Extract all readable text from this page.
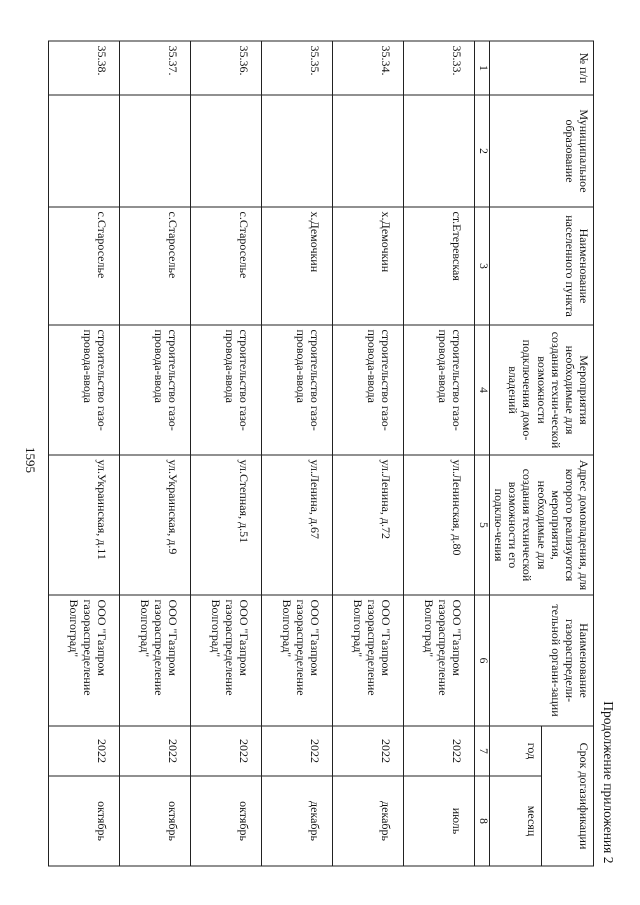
1595
Продолжение приложения 2
№ п/п	Муниципальное образование	Наименование населенного пункта	Мероприятия необходимые для создания техни-ческой возможности подключения домо-владений	Адрес домовладения, для которого реализуются мероприятия, необходимые для создания технической возможности его подклю-чения	Наименование газораспредели-тельной органи-зации	Срок догазификации	
						год	месяц
1	2	3	4	5	6	7	8
35.33.		ст.Етеревская	строительство газо-провода-ввода	ул.Ленинская, д.80	ООО "Газпром газораспределение Волгоград"	2022	июль
35.34.		х.Демочкин	строительство газо-провода-ввода	ул.Ленина, д.72	ООО "Газпром газораспределение Волгоград"	2022	декабрь
35.35.		х.Демочкин	строительство газо-провода-ввода	ул.Ленина, д.67	ООО "Газпром газораспределение Волгоград"	2022	декабрь
35.36.		с.Староселье	строительство газо-провода-ввода	ул.Степная, д.51	ООО "Газпром газораспределение Волгоград"	2022	октябрь
35.37.		с.Староселье	строительство газо-провода-ввода	ул.Украинская, д.9	ООО "Газпром газораспределение Волгоград"	2022	октябрь
35.38.		с.Староселье	строительство газо-провода-ввода	ул.Украинская, д.11	ООО "Газпром газораспределение Волгоград"	2022	октябрь
